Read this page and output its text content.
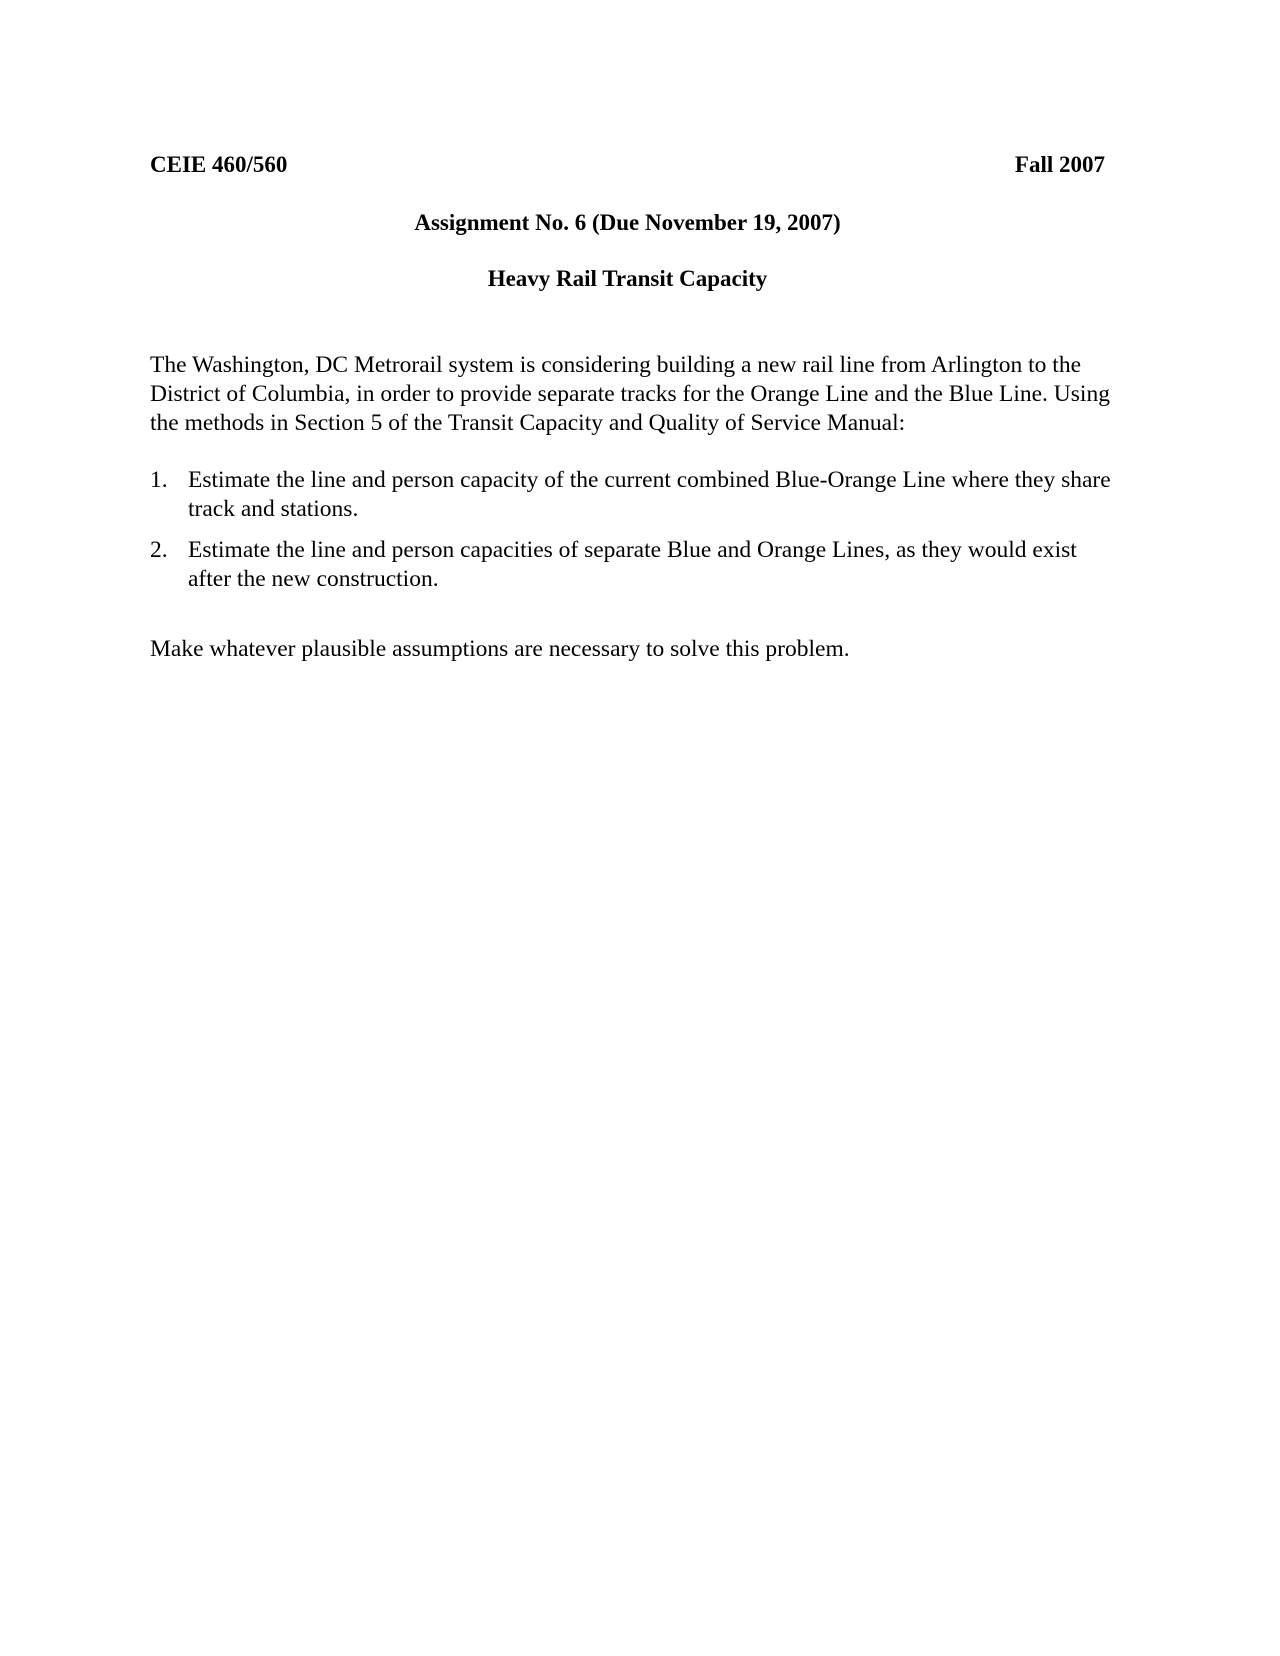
CEIE 460/560	Fall 2007
Assignment No. 6 (Due November 19, 2007)
Heavy Rail Transit Capacity

The Washington, DC Metrorail system is considering building a new rail line from Arlington to the District of Columbia, in order to provide separate tracks for the Orange Line and the Blue Line. Using the methods in Section 5 of the Transit Capacity and Quality of Service Manual:

1. Estimate the line and person capacity of the current combined Blue-Orange Line where they share track and stations.
2. Estimate the line and person capacities of separate Blue and Orange Lines, as they would exist after the new construction.

Make whatever plausible assumptions are necessary to solve this problem.
